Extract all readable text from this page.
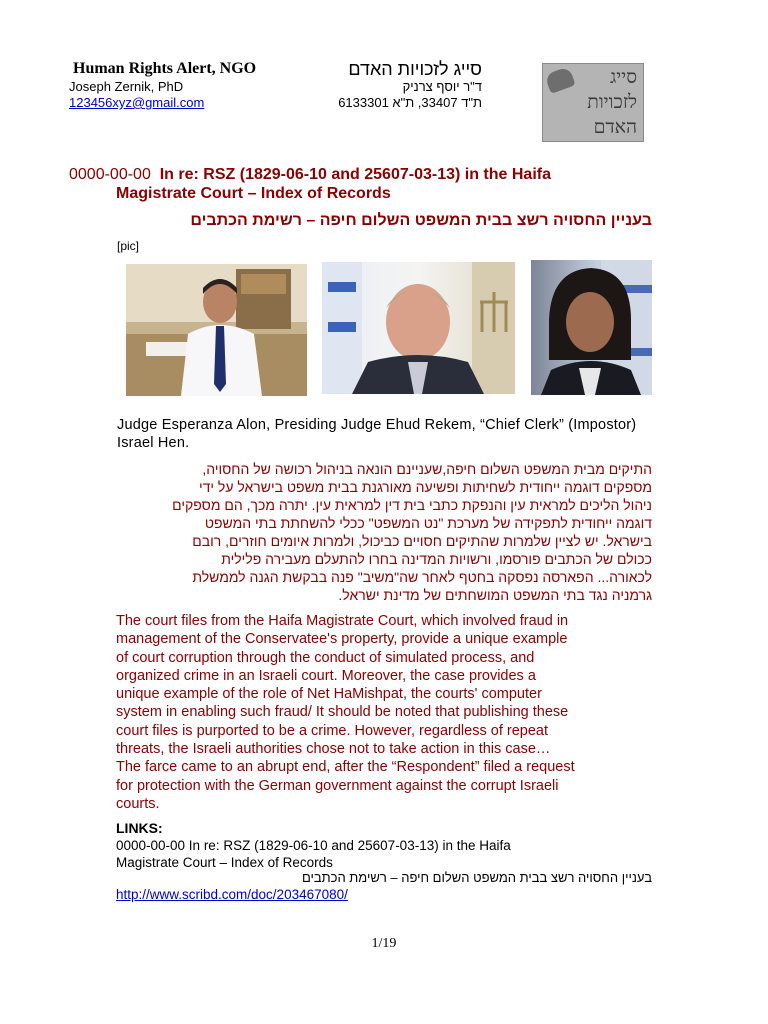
Human Rights Alert, NGO
Joseph Zernik, PhD
123456xyz@gmail.com
סייג לזכויות האדם
ד"ר יוסף צרניק
ת"ד 33407, ת"א 6133301
סייג
לזכויות
האדם
0000-00-00 In re: RSZ (1829-06-10 and 25607-03-13) in the Haifa
Magistrate Court – Index of Records
בעניין החסויה רשצ בבית המשפט השלום חיפה – רשימת הכתבים
[pic]
Judge Esperanza Alon, Presiding Judge Ehud Rekem, “Chief Clerk” (Impostor) Israel Hen.
התיקים מבית המשפט השלום חיפה,שעניינם הונאה בניהול רכושה של החסויה,
מספקים דוגמה ייחודית לשחיתות ופשיעה מאורגנת בבית משפט בישראל על ידי
ניהול הליכים למראית עין והנפקת כתבי בית דין למראית עין. יתרה מכך, הם מספקים
דוגמה ייחודית לתפקידה של מערכת "נט המשפט" ככלי להשחתת בתי המשפט
בישראל. יש לציין שלמרות שהתיקים חסויים כביכול, ולמרות איומים חוזרים, רובם
ככולם של הכתבים פורסמו, ורשויות המדינה בחרו להתעלם מעבירה פלילית
לכאורה... הפארסה נפסקה בחטף לאחר שה"משיב" פנה בבקשת הגנה לממשלת
גרמניה נגד בתי המשפט המושחתים של מדינת ישראל.
The court files from the Haifa Magistrate Court, which involved fraud in
management of the Conservatee's property, provide a unique example
of court corruption through the conduct of simulated process, and
organized crime in an Israeli court. Moreover, the case provides a
unique example of the role of Net HaMishpat, the courts' computer
system in enabling such fraud/ It should be noted that publishing these
court files is purported to be a crime. However, regardless of repeat
threats, the Israeli authorities chose not to take action in this case…
The farce came to an abrupt end, after the “Respondent” filed a request
for protection with the German government against the corrupt Israeli
courts.
LINKS:
0000-00-00 In re: RSZ (1829-06-10 and 25607-03-13) in the Haifa
Magistrate Court – Index of Records
בעניין החסויה רשצ בבית המשפט השלום חיפה – רשימת הכתבים
http://www.scribd.com/doc/203467080/
1/19
